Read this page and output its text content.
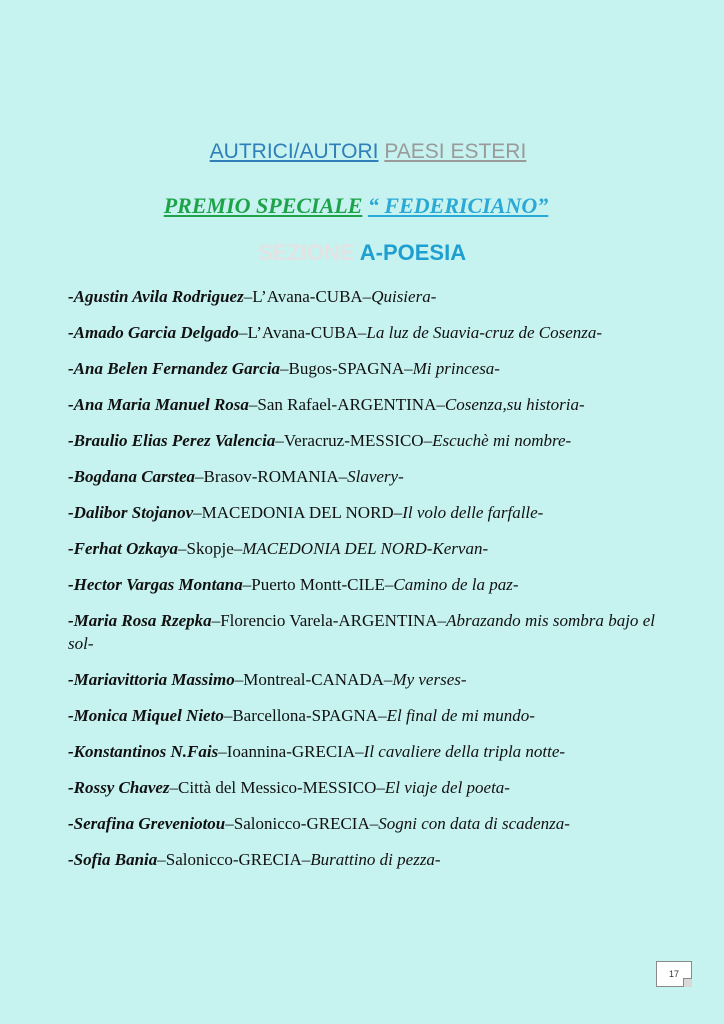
AUTRICI/AUTORI PAESI ESTERI
PREMIO SPECIALE “ FEDERICIANO”
SEZIONE A-POESIA
-Agustin Avila Rodriguez–L’Avana-CUBA–Quisiera-
-Amado Garcia Delgado–L’Avana-CUBA–La luz de Suavia-cruz de Cosenza-
-Ana Belen Fernandez Garcia–Bugos-SPAGNA–Mi princesa-
-Ana Maria Manuel Rosa–San Rafael-ARGENTINA–Cosenza,su historia-
-Braulio Elias Perez Valencia–Veracruz-MESSICO–Escuchè mi nombre-
-Bogdana Carstea–Brasov-ROMANIA–Slavery-
-Dalibor Stojanov–MACEDONIA DEL NORD–Il volo delle farfalle-
-Ferhat Ozkaya–Skopje–MACEDONIA DEL NORD-Kervan-
-Hector Vargas Montana–Puerto Montt-CILE–Camino de la paz-
-Maria Rosa Rzepka–Florencio Varela-ARGENTINA–Abrazando mis sombra bajo el sol-
-Mariavittoria Massimo–Montreal-CANADA–My verses-
-Monica Miquel Nieto–Barcellona-SPAGNA–El final de mi mundo-
-Konstantinos N.Fais–Ioannina-GRECIA–Il cavaliere della tripla notte-
-Rossy Chavez–Città del Messico-MESSICO–El viaje del poeta-
-Serafina Greveniotou–Salonicco-GRECIA–Sogni con data di scadenza-
-Sofia Bania–Salonicco-GRECIA–Burattino di pezza-
17
